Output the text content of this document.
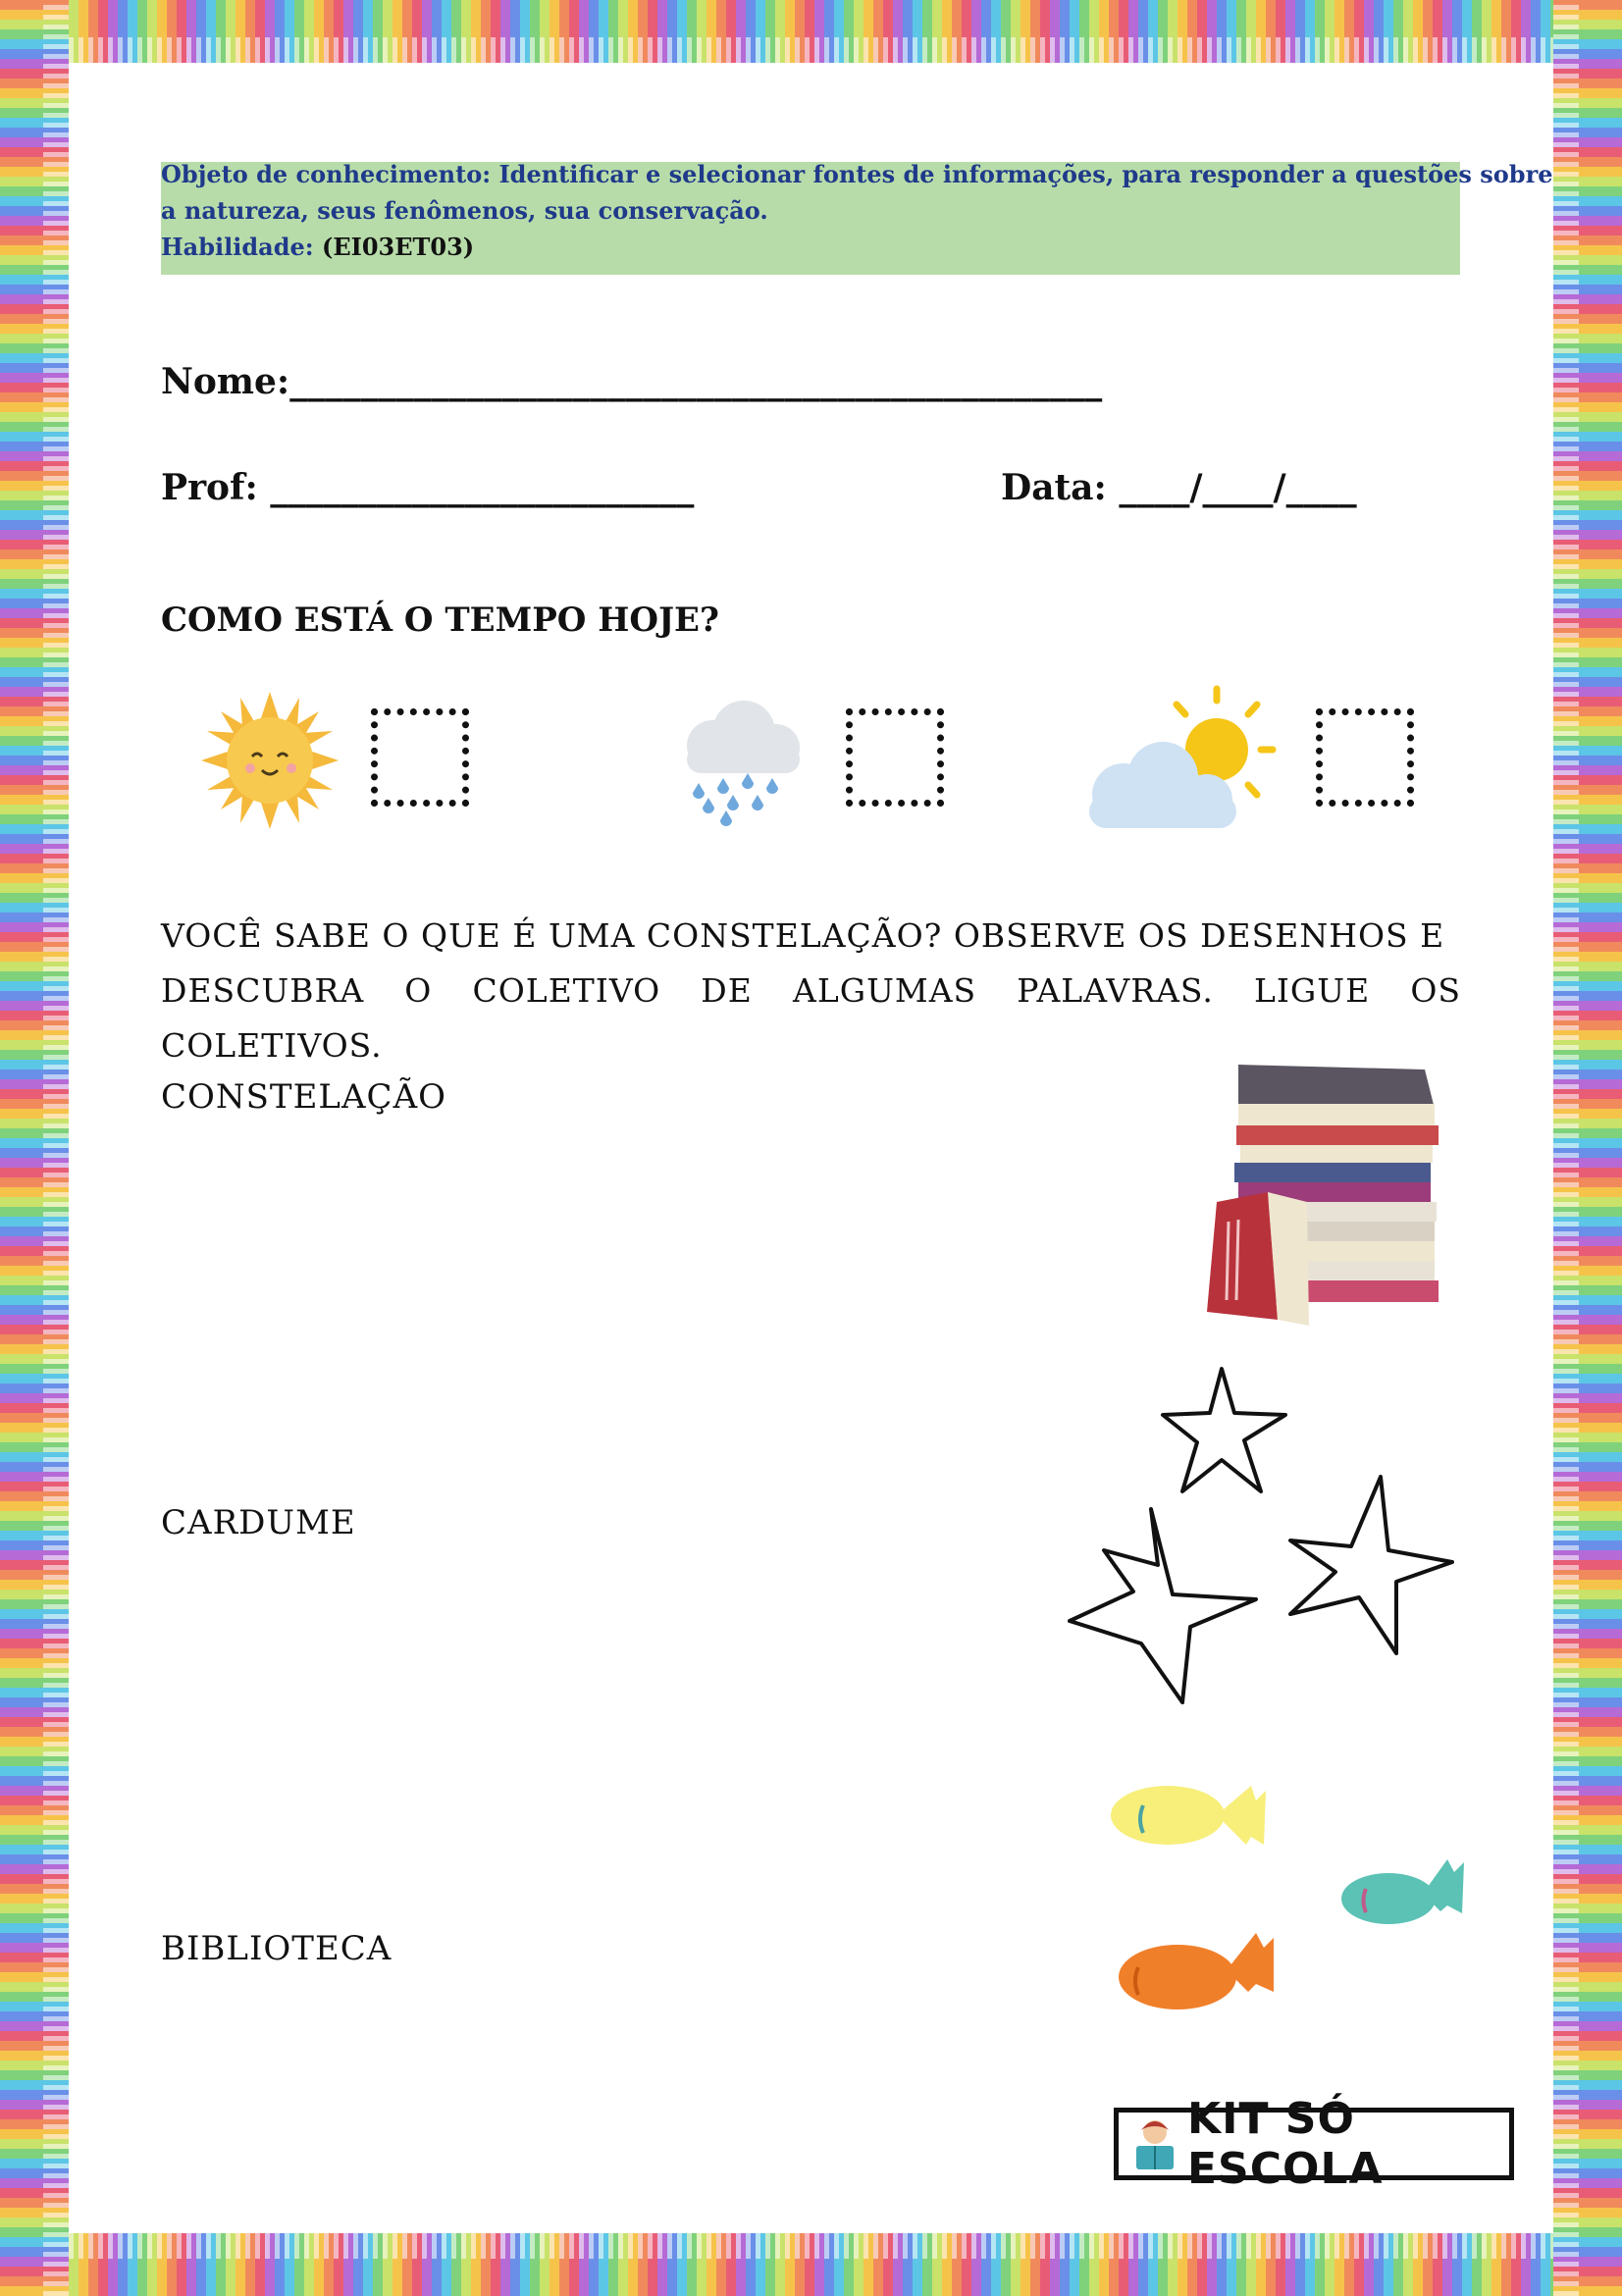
Objeto de conhecimento: Identificar e selecionar fontes de informações, para responder a questões sobre
a natureza, seus fenômenos, sua conservação.
Habilidade: (EI03ET03)
Nome:______________________________________________
Prof: ________________________	Data: ____/____/____
COMO ESTÁ O TEMPO HOJE?
VOCÊ SABE O QUE É UMA CONSTELAÇÃO? OBSERVE OS DESENHOS E
DESCUBRA O COLETIVO DE ALGUMAS PALAVRAS. LIGUE OS COLETIVOS.
CONSTELAÇÃO
CARDUME
BIBLIOTECA
KIT SÓ ESCOLA
